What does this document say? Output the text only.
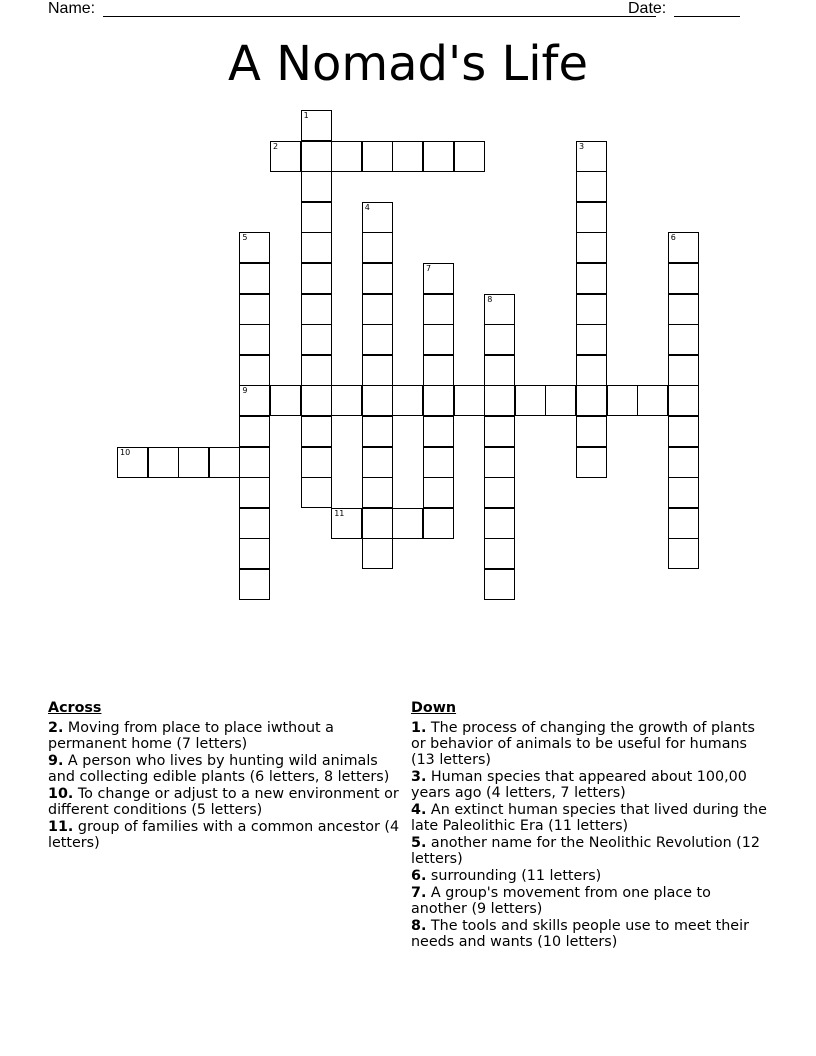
Name:	Date:
A Nomad's Life
2
9
10
11
1
3
4
5	6
7
8
Across
2. Moving from place to place iwthout a permanent home (7 letters)
9. A person who lives by hunting wild animals and collecting edible plants (6 letters, 8 letters)
10. To change or adjust to a new environment or different conditions (5 letters)
11. group of families with a common ancestor (4 letters)
Down
1. The process of changing the growth of plants or behavior of animals to be useful for humans (13 letters)
3. Human species that appeared about 100,00 years ago (4 letters, 7 letters)
4. An extinct human species that lived during the late Paleolithic Era (11 letters)
5. another name for the Neolithic Revolution (12 letters)
6. surrounding (11 letters)
7. A group's movement from one place to another (9 letters)
8. The tools and skills people use to meet their needs and wants (10 letters)
